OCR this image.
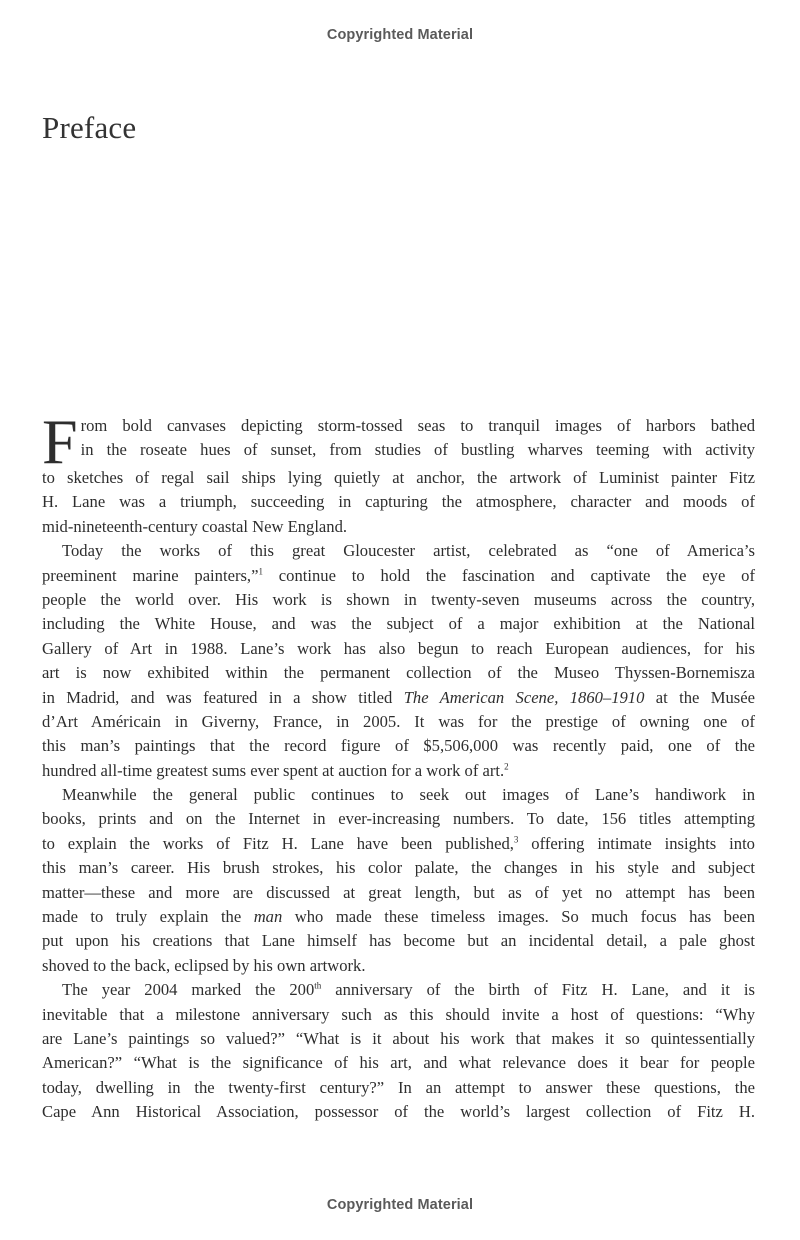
Copyrighted Material
Preface
F rom bold canvases depicting storm-tossed seas to tranquil images of harbors bathed
in the roseate hues of sunset, from studies of bustling wharves teeming with activity
to sketches of regal sail ships lying quietly at anchor, the artwork of Luminist painter Fitz
H. Lane was a triumph, succeeding in capturing the atmosphere, character and moods of
mid-nineteenth-century coastal New England.
Today the works of this great Gloucester artist, celebrated as “one of America’s
preeminent marine painters,”$^1$ continue to hold the fascination and captivate the eye of
people the world over. His work is shown in twenty-seven museums across the country,
including the White House, and was the subject of a major exhibition at the National
Gallery of Art in 1988. Lane’s work has also begun to reach European audiences, for his
art is now exhibited within the permanent collection of the Museo Thyssen-Bornemisza
in Madrid, and was featured in a show titled The American Scene, 1860–1910 at the Musée
d’Art Américain in Giverny, France, in 2005. It was for the prestige of owning one of
this man’s paintings that the record figure of $5,506,000 was recently paid, one of the
hundred all-time greatest sums ever spent at auction for a work of art.$^2$
Meanwhile the general public continues to seek out images of Lane’s handiwork in
books, prints and on the Internet in ever-increasing numbers. To date, 156 titles attempting
to explain the works of Fitz H. Lane have been published,$^3$ offering intimate insights into
this man’s career. His brush strokes, his color palate, the changes in his style and subject
matter—these and more are discussed at great length, but as of yet no attempt has been
made to truly explain the man who made these timeless images. So much focus has been
put upon his creations that Lane himself has become but an incidental detail, a pale ghost
shoved to the back, eclipsed by his own artwork.
The year 2004 marked the 200th anniversary of the birth of Fitz H. Lane, and it is
inevitable that a milestone anniversary such as this should invite a host of questions: “Why
are Lane’s paintings so valued?” “What is it about his work that makes it so quintessentially
American?” “What is the significance of his art, and what relevance does it bear for people
today, dwelling in the twenty-first century?” In an attempt to answer these questions, the
Cape Ann Historical Association, possessor of the world’s largest collection of Fitz H.
Copyrighted Material
